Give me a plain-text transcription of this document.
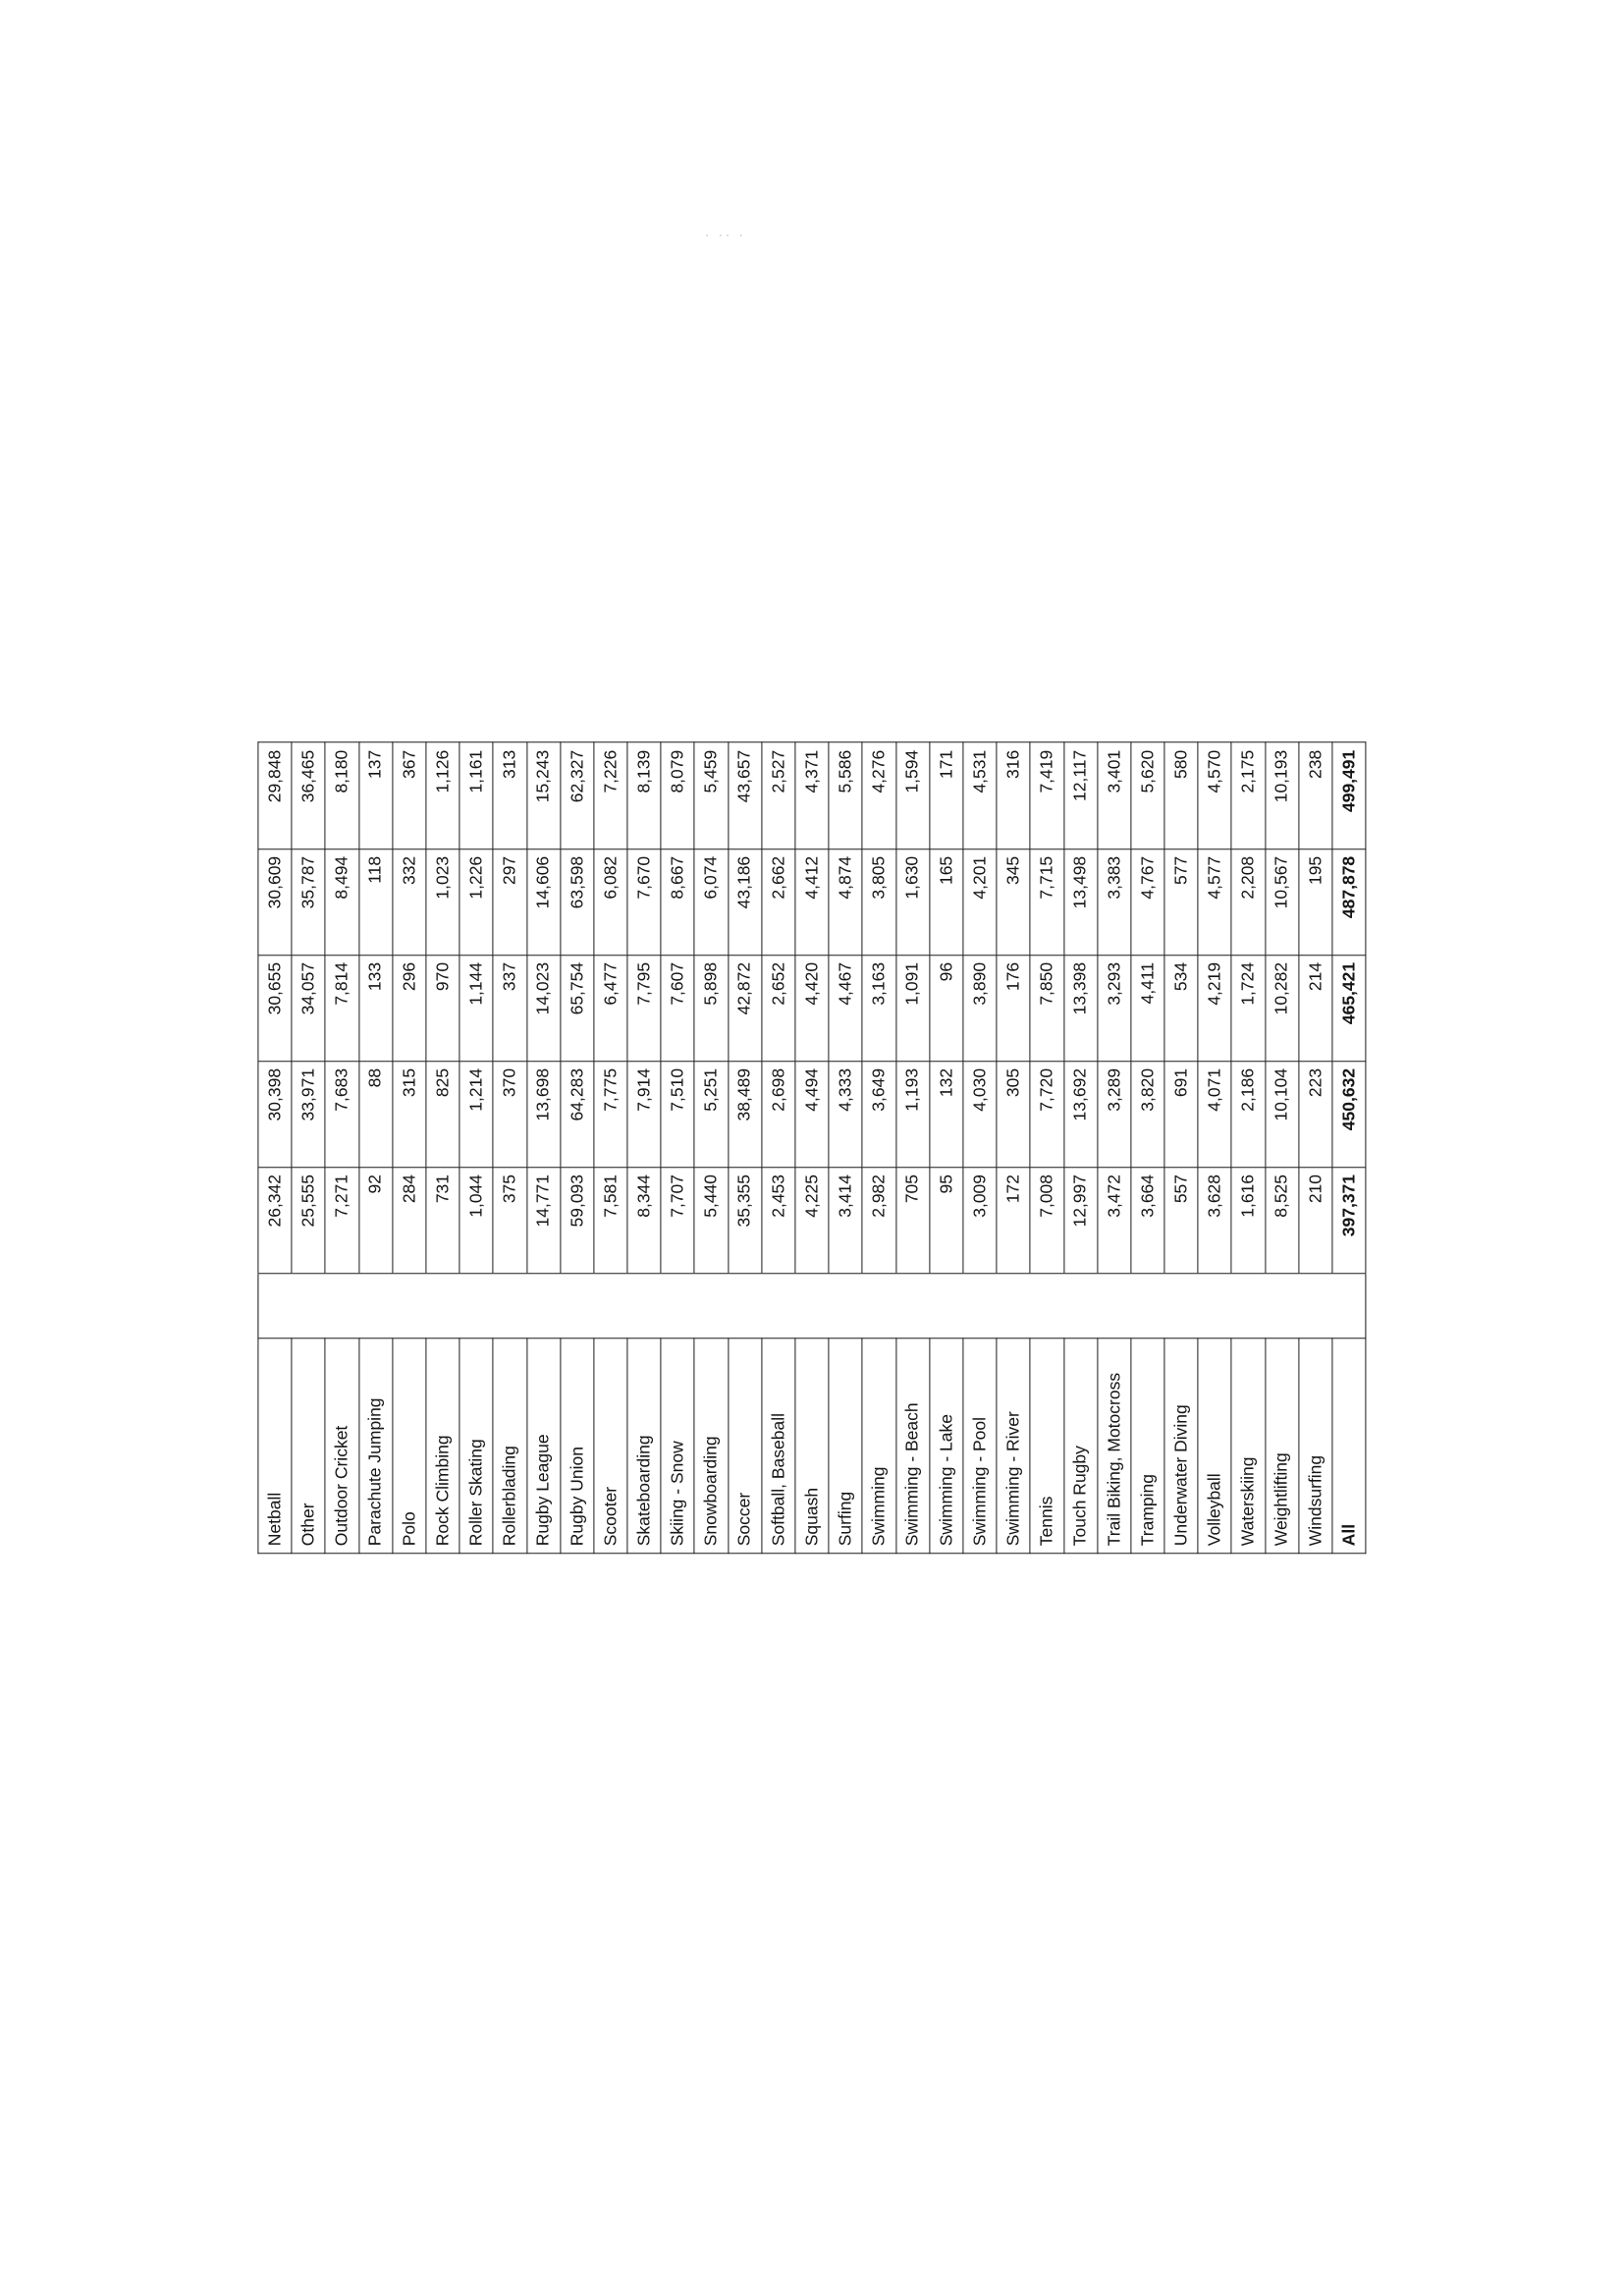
· ·· ·
Netball		26,342	30,398	30,655	30,609	29,848
Other		25,555	33,971	34,057	35,787	36,465
Outdoor Cricket		7,271	7,683	7,814	8,494	8,180
Parachute Jumping		92	88	133	118	137
Polo		284	315	296	332	367
Rock Climbing		731	825	970	1,023	1,126
Roller Skating		1,044	1,214	1,144	1,226	1,161
Rollerblading		375	370	337	297	313
Rugby League		14,771	13,698	14,023	14,606	15,243
Rugby Union		59,093	64,283	65,754	63,598	62,327
Scooter		7,581	7,775	6,477	6,082	7,226
Skateboarding		8,344	7,914	7,795	7,670	8,139
Skiing - Snow		7,707	7,510	7,607	8,667	8,079
Snowboarding		5,440	5,251	5,898	6,074	5,459
Soccer		35,355	38,489	42,872	43,186	43,657
Softball, Baseball		2,453	2,698	2,652	2,662	2,527
Squash		4,225	4,494	4,420	4,412	4,371
Surfing		3,414	4,333	4,467	4,874	5,586
Swimming		2,982	3,649	3,163	3,805	4,276
Swimming - Beach		705	1,193	1,091	1,630	1,594
Swimming - Lake		95	132	96	165	171
Swimming - Pool		3,009	4,030	3,890	4,201	4,531
Swimming - River		172	305	176	345	316
Tennis		7,008	7,720	7,850	7,715	7,419
Touch Rugby		12,997	13,692	13,398	13,498	12,117
Trail Biking, Motocross		3,472	3,289	3,293	3,383	3,401
Tramping		3,664	3,820	4,411	4,767	5,620
Underwater Diving		557	691	534	577	580
Volleyball		3,628	4,071	4,219	4,577	4,570
Waterskiing		1,616	2,186	1,724	2,208	2,175
Weightlifting		8,525	10,104	10,282	10,567	10,193
Windsurfing		210	223	214	195	238
All		397,371	450,632	465,421	487,878	499,491
